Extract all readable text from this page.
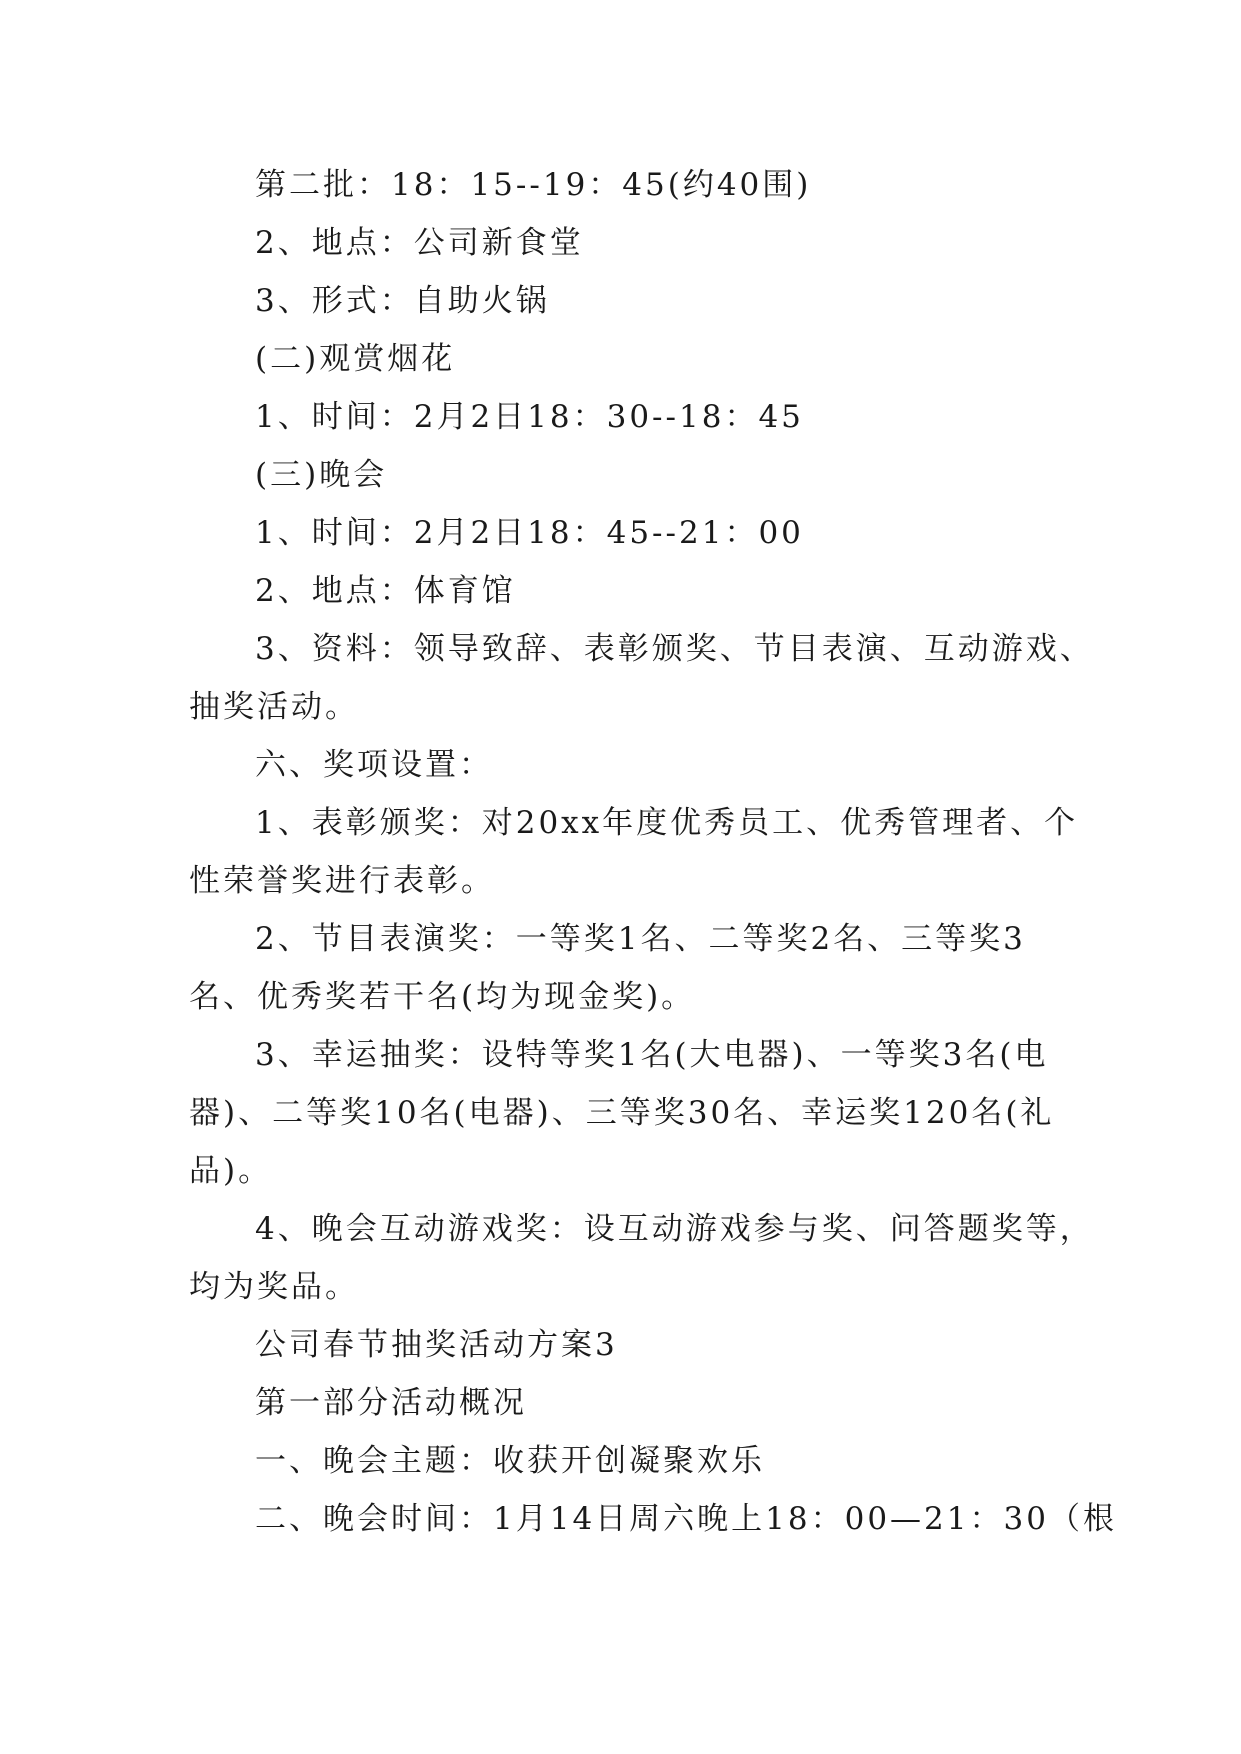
第二批：18：15--19：45(约40围)
2、地点：公司新食堂
3、形式：自助火锅
(二)观赏烟花
1、时间：2月2日18：30--18：45
(三)晚会
1、时间：2月2日18：45--21：00
2、地点：体育馆
3、资料：领导致辞、表彰颁奖、节目表演、互动游戏、
抽奖活动。
六、奖项设置：
1、表彰颁奖：对20xx年度优秀员工、优秀管理者、个
性荣誉奖进行表彰。
2、节目表演奖：一等奖1名、二等奖2名、三等奖3
名、优秀奖若干名(均为现金奖)。
3、幸运抽奖：设特等奖1名(大电器)、一等奖3名(电
器)、二等奖10名(电器)、三等奖30名、幸运奖120名(礼
品)。
4、晚会互动游戏奖：设互动游戏参与奖、问答题奖等，
均为奖品。
公司春节抽奖活动方案3
第一部分活动概况
一、晚会主题：收获开创凝聚欢乐
二、晚会时间：1月14日周六晚上18：00—21：30（根
